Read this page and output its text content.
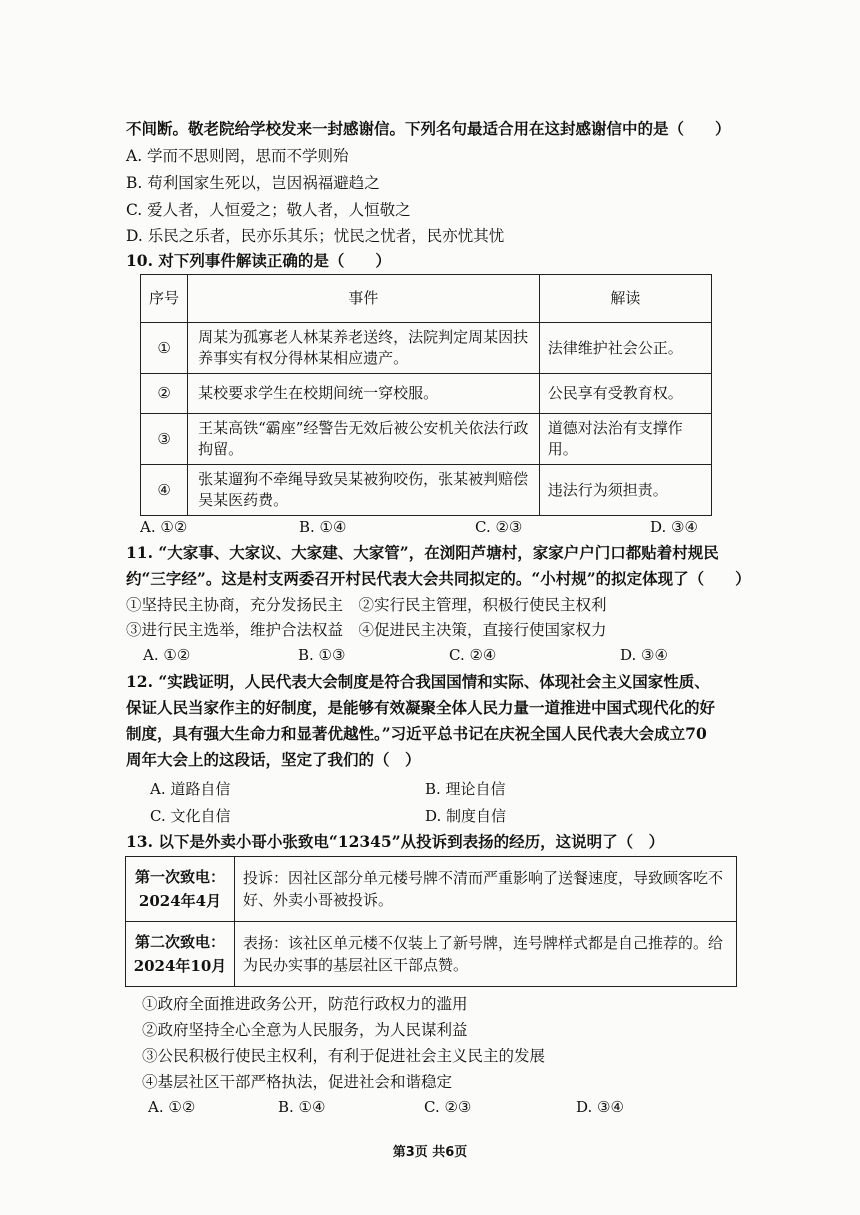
不间断。敬老院给学校发来一封感谢信。下列名句最适合用在这封感谢信中的是（　　）
A. 学而不思则罔，思而不学则殆
B. 苟利国家生死以，岂因祸福避趋之
C. 爱人者，人恒爱之；敬人者，人恒敬之
D. 乐民之乐者，民亦乐其乐；忧民之忧者，民亦忧其忧
10. 对下列事件解读正确的是（　　）
序号	事件	解读
①	周某为孤寡老人林某养老送终，法院判定周某因扶养事实有权分得林某相应遗产。	法律维护社会公正。
②	某校要求学生在校期间统一穿校服。	公民享有受教育权。
③	王某高铁“霸座”经警告无效后被公安机关依法行政拘留。	道德对法治有支撑作用。
④	张某遛狗不牵绳导致吴某被狗咬伤，张某被判赔偿吴某医药费。	违法行为须担责。
A. ①②	B. ①④	C. ②③	D. ③④
11. “大家事、大家议、大家建、大家管”，在浏阳芦塘村，家家户户门口都贴着村规民
约“三字经”。这是村支两委召开村民代表大会共同拟定的。“小村规”的拟定体现了（　　）
①坚持民主协商，充分发扬民主　②实行民主管理，积极行使民主权利
③进行民主选举，维护合法权益　④促进民主决策，直接行使国家权力
A. ①②	B. ①③	C. ②④	D. ③④
12. “实践证明，人民代表大会制度是符合我国国情和实际、体现社会主义国家性质、
保证人民当家作主的好制度，是能够有效凝聚全体人民力量一道推进中国式现代化的好
制度，具有强大生命力和显著优越性。”习近平总书记在庆祝全国人民代表大会成立70
周年大会上的这段话，坚定了我们的（　）
A. 道路自信	B. 理论自信
C. 文化自信	D. 制度自信
13. 以下是外卖小哥小张致电“12345”从投诉到表扬的经历，这说明了（　）
第一次致电：
2024年4月	投诉：因社区部分单元楼号牌不清而严重影响了送餐速度，导致顾客吃不好、外卖小哥被投诉。

第二次致电：
2024年10月	表扬：该社区单元楼不仅装上了新号牌，连号牌样式都是自己推荐的。给为民办实事的基层社区干部点赞。
①政府全面推进政务公开，防范行政权力的滥用
②政府坚持全心全意为人民服务，为人民谋利益
③公民积极行使民主权利，有利于促进社会主义民主的发展
④基层社区干部严格执法，促进社会和谐稳定
A. ①②	B. ①④	C. ②③	D. ③④
第3页 共6页
